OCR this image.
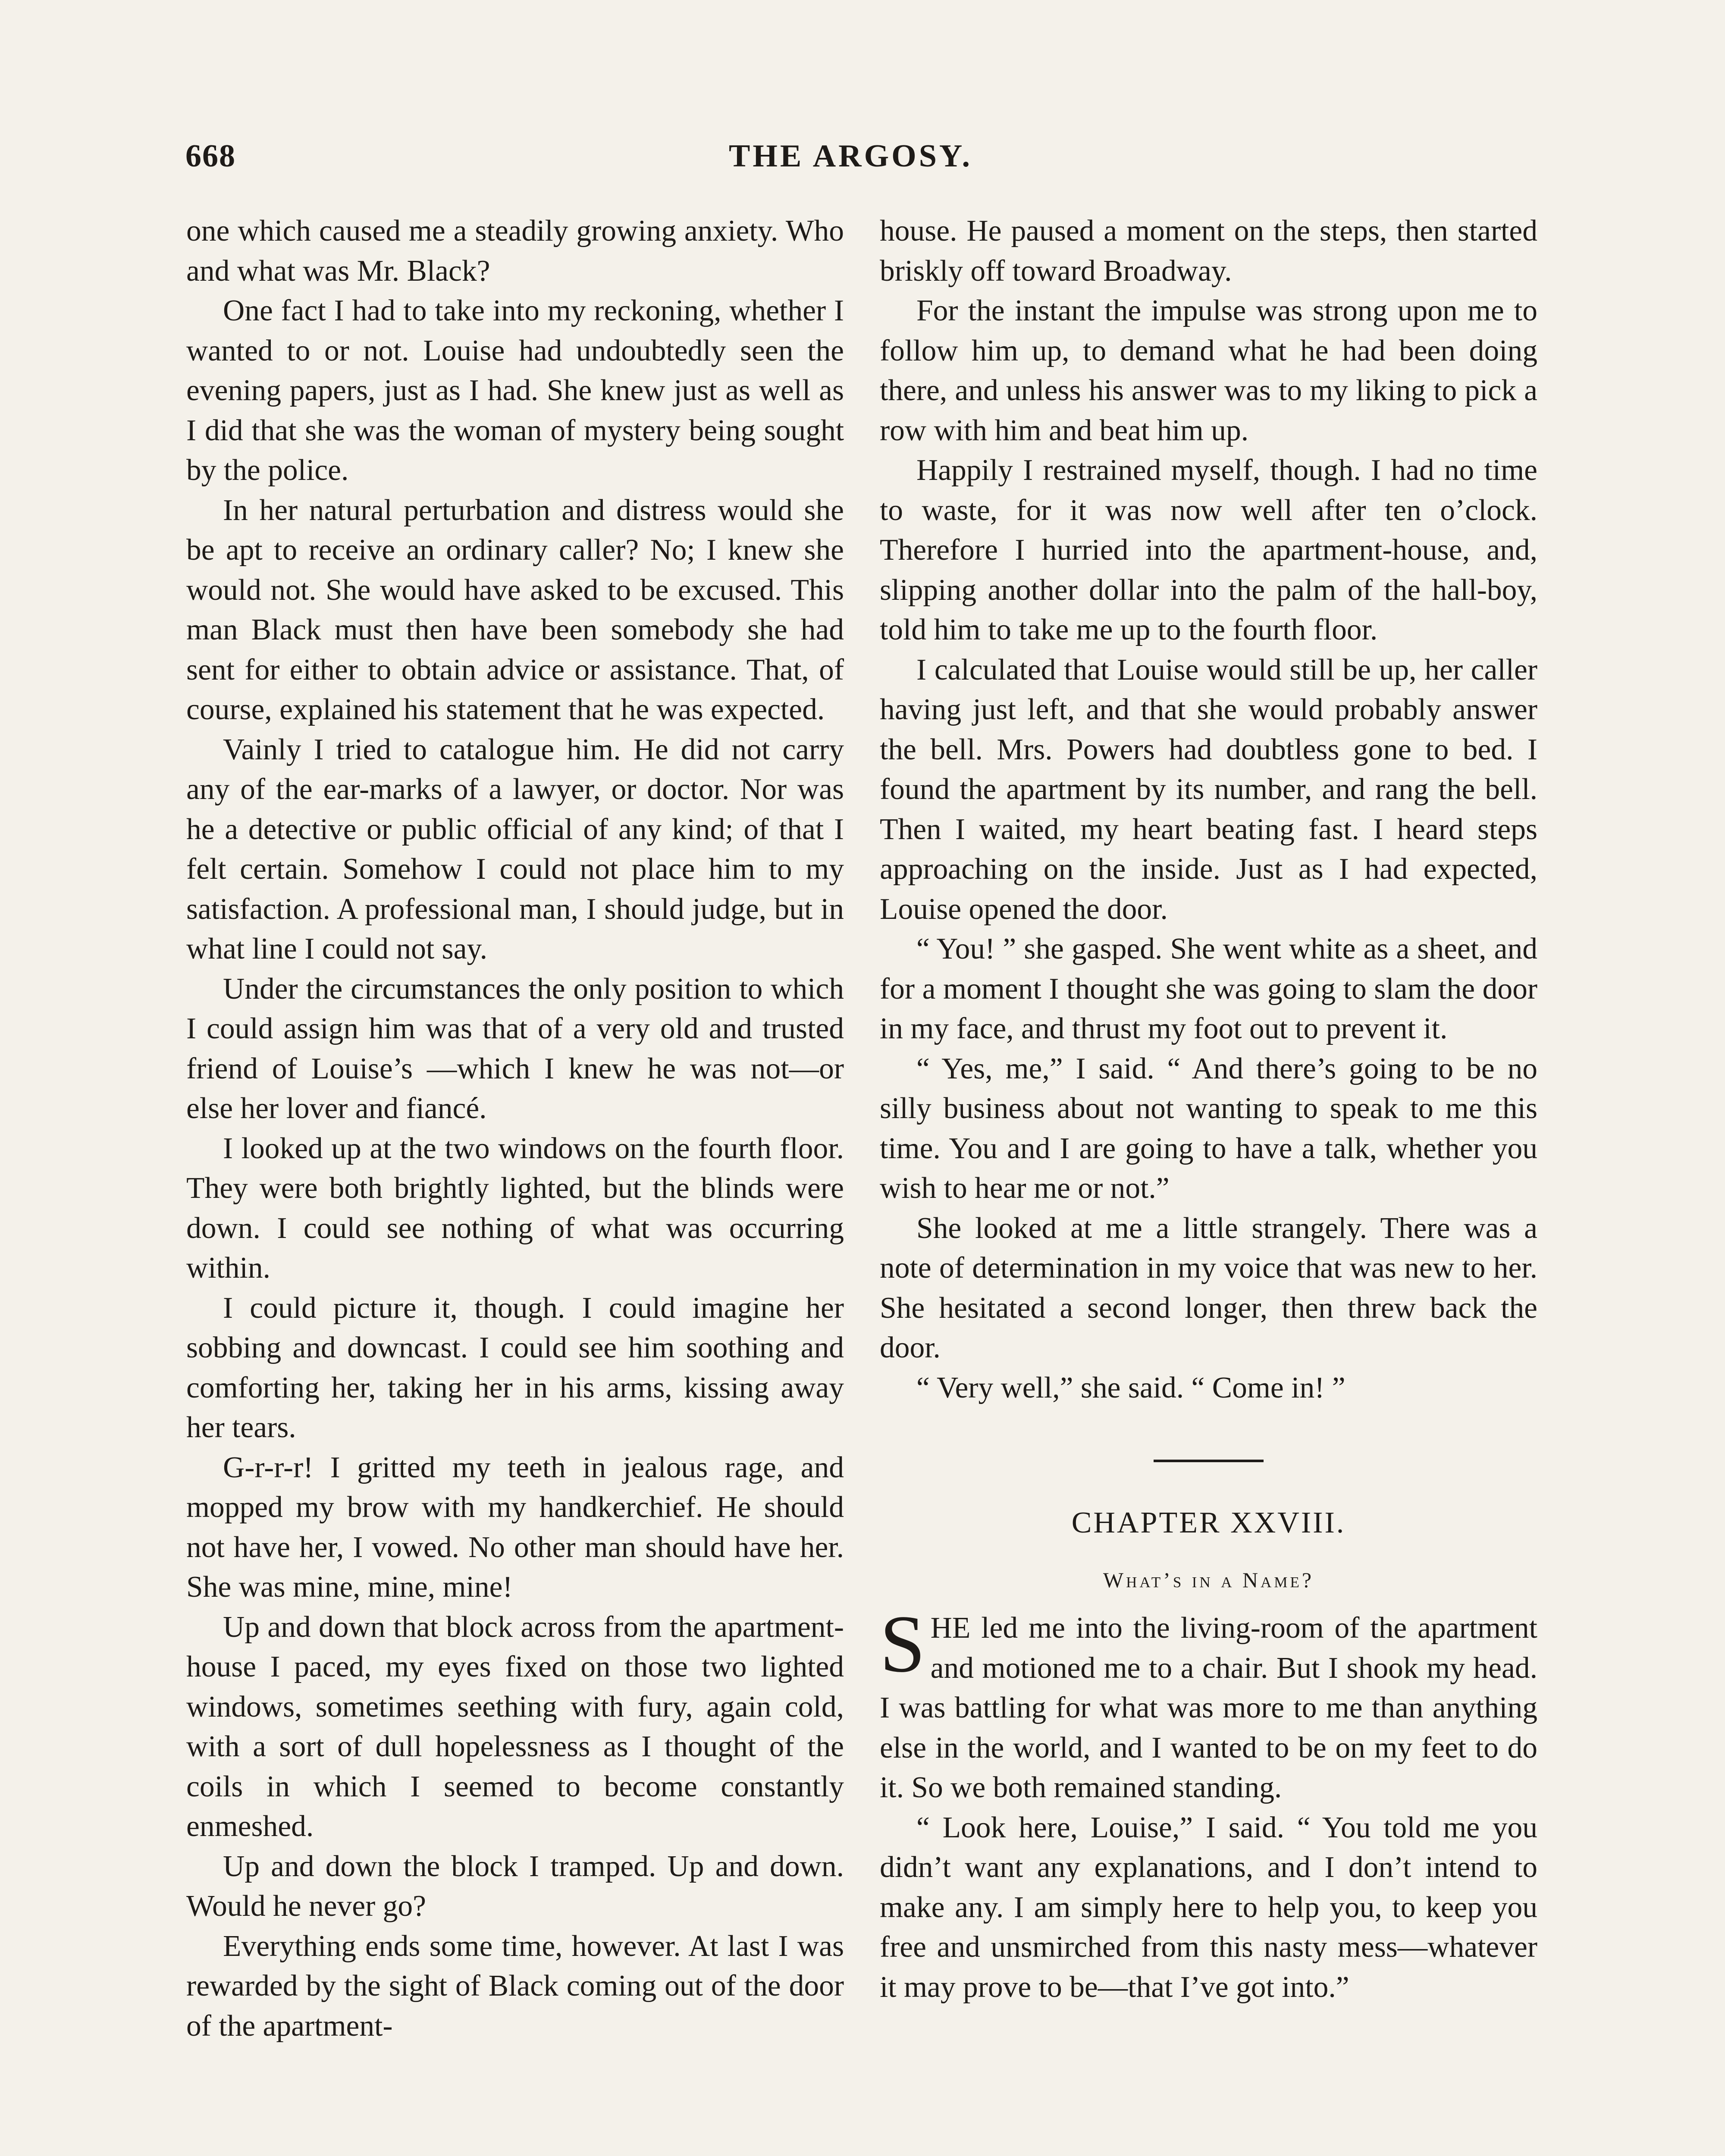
668	THE ARGOSY.

one which caused me a steadily growing anxiety. Who and what was Mr. Black?

One fact I had to take into my reckoning, whether I wanted to or not. Louise had undoubtedly seen the evening papers, just as I had. She knew just as well as I did that she was the woman of mystery being sought by the police.

In her natural perturbation and distress would she be apt to receive an ordinary caller? No; I knew she would not. She would have asked to be excused. This man Black must then have been somebody she had sent for either to obtain advice or assistance. That, of course, explained his statement that he was expected.

Vainly I tried to catalogue him. He did not carry any of the ear-marks of a lawyer, or doctor. Nor was he a detective or public official of any kind; of that I felt certain. Somehow I could not place him to my satisfaction. A professional man, I should judge, but in what line I could not say.

Under the circumstances the only position to which I could assign him was that of a very old and trusted friend of Louise’s —which I knew he was not—or else her lover and fiancé.

I looked up at the two windows on the fourth floor. They were both brightly lighted, but the blinds were down. I could see nothing of what was occurring within.

I could picture it, though. I could imagine her sobbing and downcast. I could see him soothing and comforting her, taking her in his arms, kissing away her tears.

G-r-r-r! I gritted my teeth in jealous rage, and mopped my brow with my handkerchief. He should not have her, I vowed. No other man should have her. She was mine, mine, mine!

Up and down that block across from the apartment-house I paced, my eyes fixed on those two lighted windows, sometimes seething with fury, again cold, with a sort of dull hopelessness as I thought of the coils in which I seemed to become constantly enmeshed.

Up and down the block I tramped. Up and down. Would he never go?

Everything ends some time, however. At last I was rewarded by the sight of Black coming out of the door of the apartment-

house. He paused a moment on the steps, then started briskly off toward Broadway.

For the instant the impulse was strong upon me to follow him up, to demand what he had been doing there, and unless his answer was to my liking to pick a row with him and beat him up.

Happily I restrained myself, though. I had no time to waste, for it was now well after ten o’clock. Therefore I hurried into the apartment-house, and, slipping another dollar into the palm of the hall-boy, told him to take me up to the fourth floor.

I calculated that Louise would still be up, her caller having just left, and that she would probably answer the bell. Mrs. Powers had doubtless gone to bed. I found the apartment by its number, and rang the bell. Then I waited, my heart beating fast. I heard steps approaching on the inside. Just as I had expected, Louise opened the door.

“ You! ” she gasped. She went white as a sheet, and for a moment I thought she was going to slam the door in my face, and thrust my foot out to prevent it.

“ Yes, me,” I said. “ And there’s going to be no silly business about not wanting to speak to me this time. You and I are going to have a talk, whether you wish to hear me or not.”

She looked at me a little strangely. There was a note of determination in my voice that was new to her. She hesitated a second longer, then threw back the door.

“ Very well,” she said. “ Come in! ”

CHAPTER XXVIII.
What’s in a Name?

SHE led me into the living-room of the apartment and motioned me to a chair. But I shook my head. I was battling for what was more to me than anything else in the world, and I wanted to be on my feet to do it. So we both remained standing.

“ Look here, Louise,” I said. “ You told me you didn’t want any explanations, and I don’t intend to make any. I am simply here to help you, to keep you free and unsmirched from this nasty mess—whatever it may prove to be—that I’ve got into.”
